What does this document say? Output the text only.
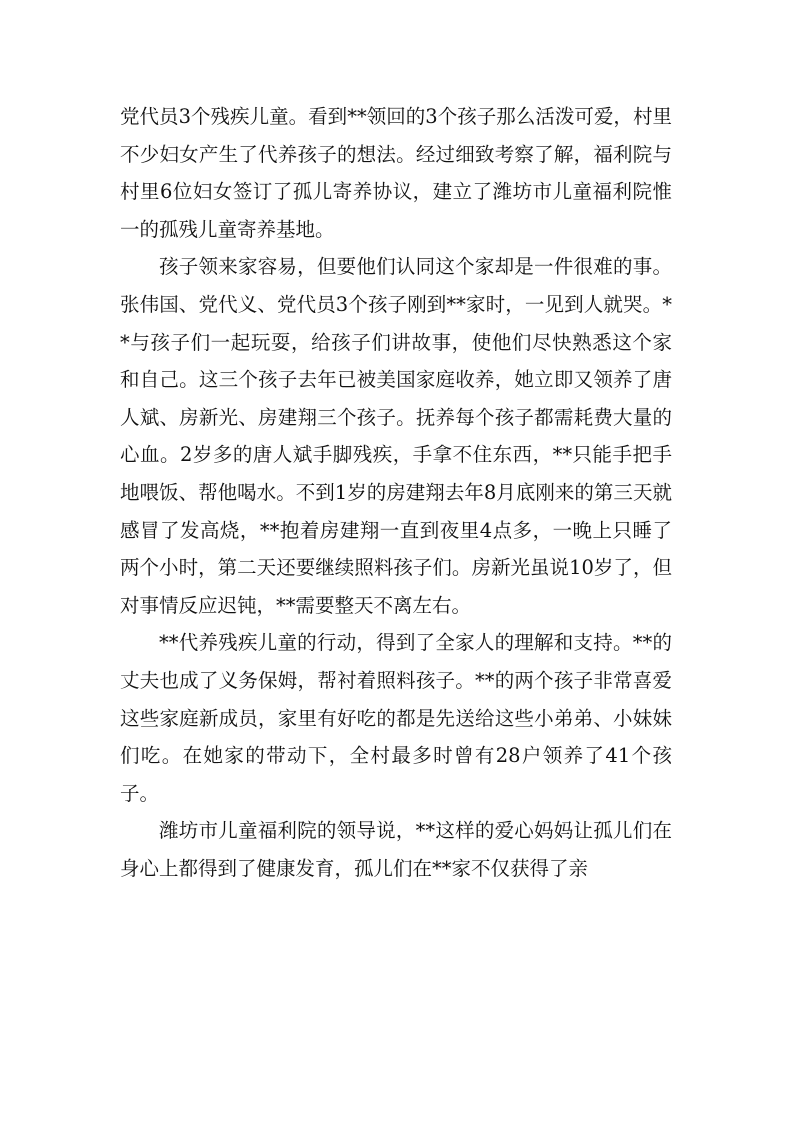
党代员3个残疾儿童。看到**领回的3个孩子那么活泼可爱，村里不少妇女产生了代养孩子的想法。经过细致考察了解，福利院与村里6位妇女签订了孤儿寄养协议，建立了潍坊市儿童福利院惟一的孤残儿童寄养基地。

孩子领来家容易，但要他们认同这个家却是一件很难的事。张伟国、党代义、党代员3个孩子刚到**家时，一见到人就哭。**与孩子们一起玩耍，给孩子们讲故事，使他们尽快熟悉这个家和自己。这三个孩子去年已被美国家庭收养，她立即又领养了唐人斌、房新光、房建翔三个孩子。抚养每个孩子都需耗费大量的心血。2岁多的唐人斌手脚残疾，手拿不住东西，**只能手把手地喂饭、帮他喝水。不到1岁的房建翔去年8月底刚来的第三天就感冒了发高烧，**抱着房建翔一直到夜里4点多，一晚上只睡了两个小时，第二天还要继续照料孩子们。房新光虽说10岁了，但对事情反应迟钝，**需要整天不离左右。

**代养残疾儿童的行动，得到了全家人的理解和支持。**的丈夫也成了义务保姆，帮衬着照料孩子。**的两个孩子非常喜爱这些家庭新成员，家里有好吃的都是先送给这些小弟弟、小妹妹们吃。在她家的带动下，全村最多时曾有28户领养了41个孩子。

潍坊市儿童福利院的领导说，**这样的爱心妈妈让孤儿们在身心上都得到了健康发育，孤儿们在**家不仅获得了亲
